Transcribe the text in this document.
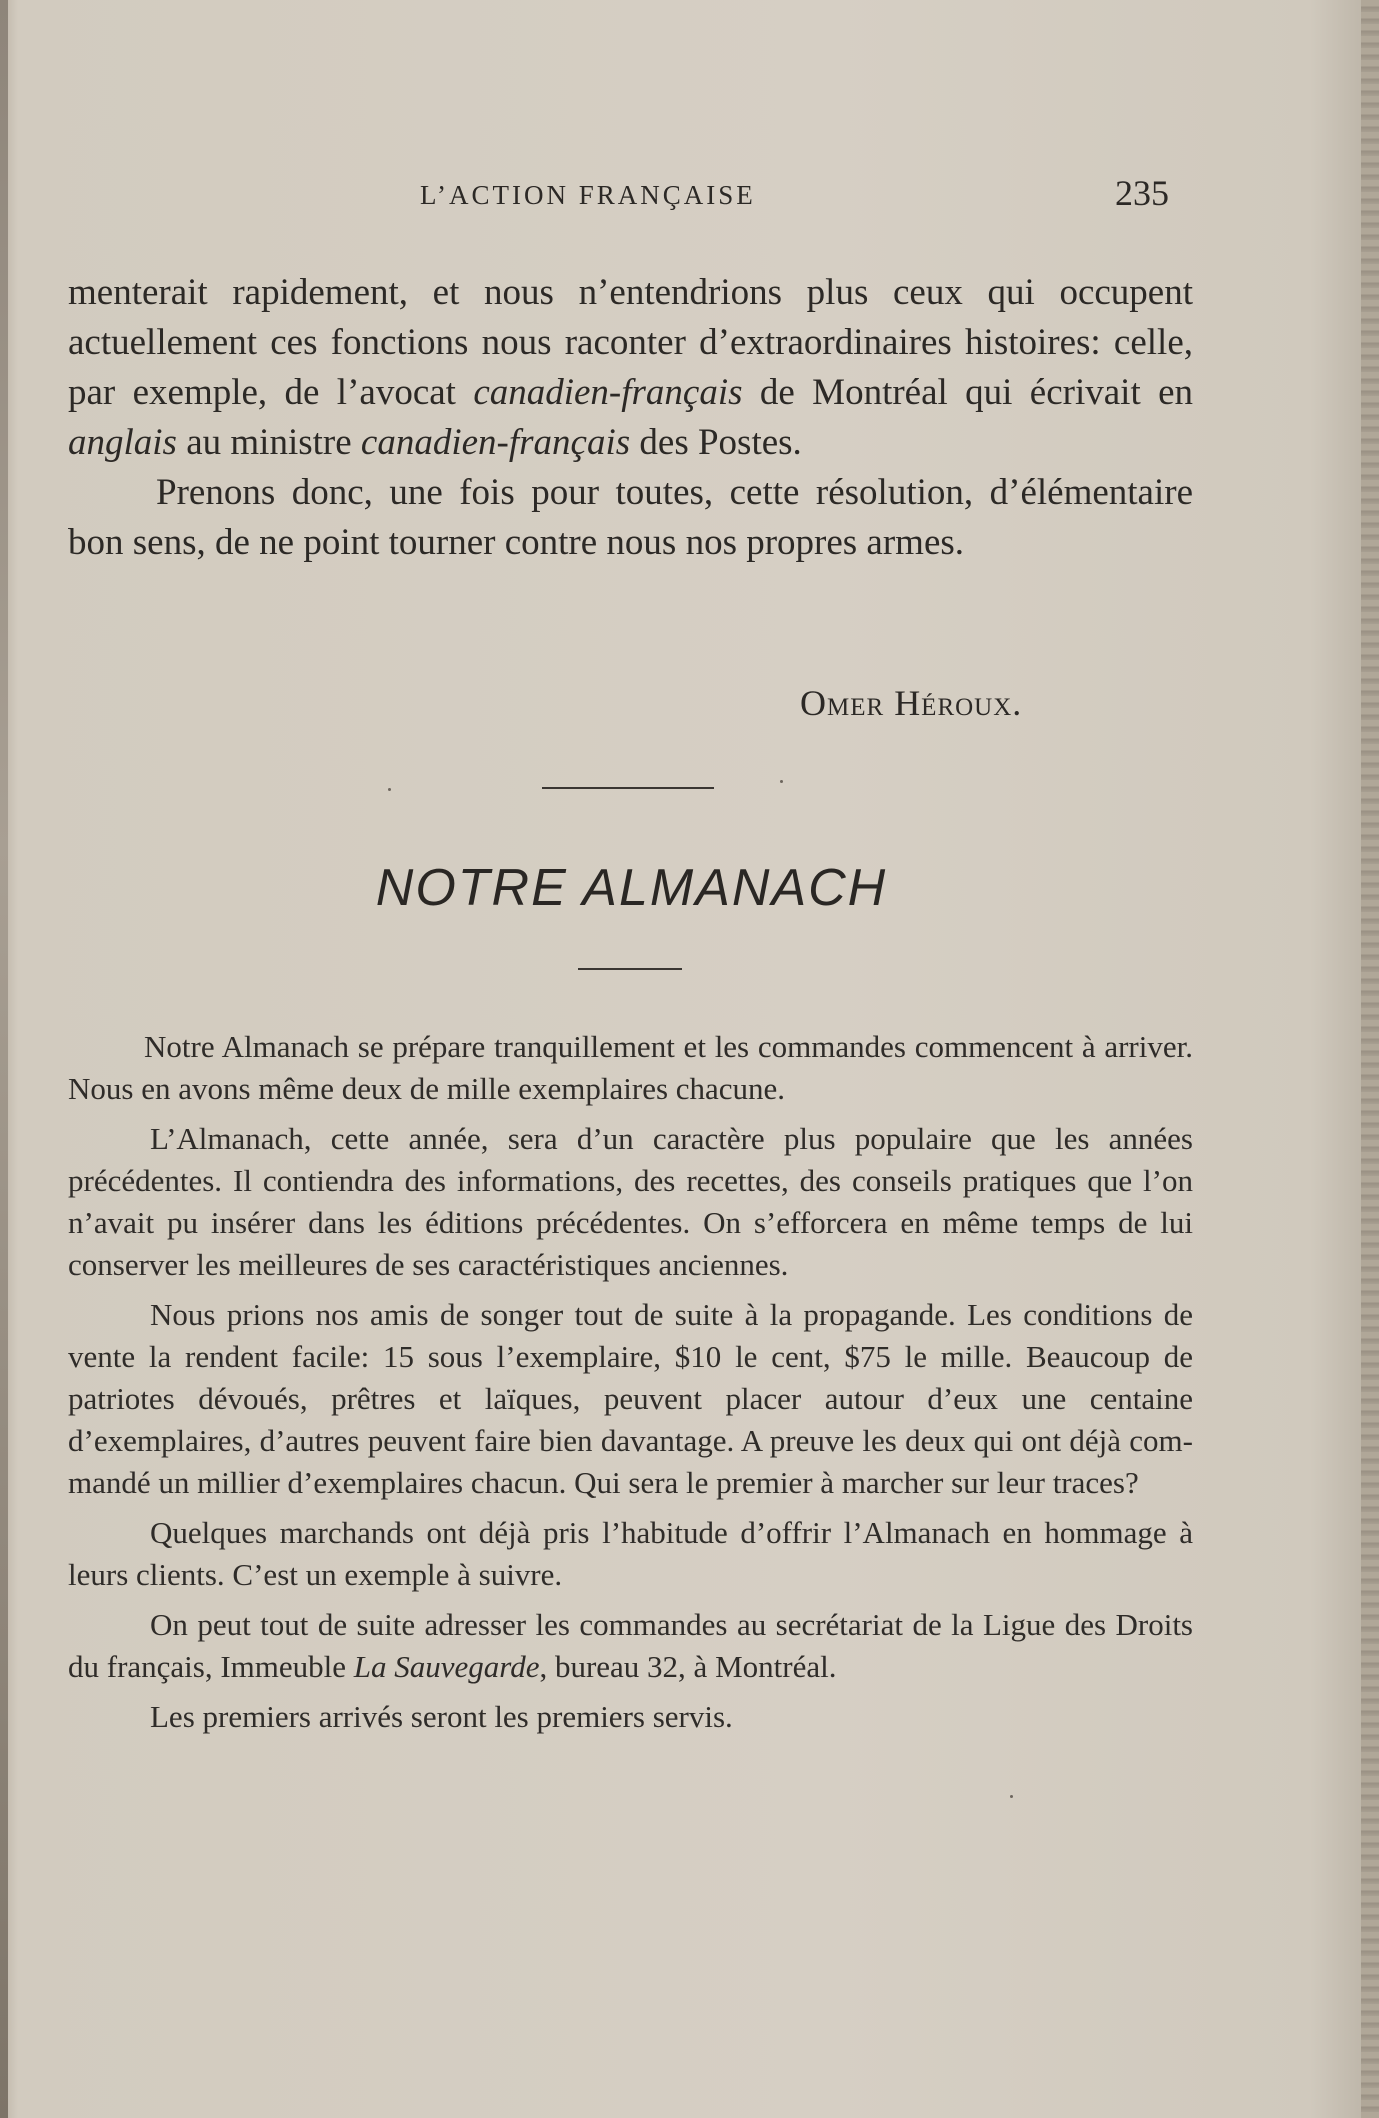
L’ACTION FRANÇAISE	235

menterait rapidement, et nous n’entendrions plus ceux qui occupent actuellement ces fonctions nous raconter d’extraordinaires histoires: celle, par exemple, de l’avocat canadien-français de Montréal qui écrivait en anglais au ministre canadien-français des Postes.

Prenons donc, une fois pour toutes, cette résolution, d’élémentaire bon sens, de ne point tourner contre nous nos propres armes.

Omer Héroux.
NOTRE ALMANACH

Notre Almanach se prépare tranquillement et les commandes commencent à arriver. Nous en avons même deux de mille exemplaires chacune.

L’Almanach, cette année, sera d’un caractère plus populaire que les années précédentes. Il contiendra des informations, des recettes, des conseils pratiques que l’on n’avait pu insérer dans les éditions précédentes. On s’efforcera en même temps de lui conserver les meilleures de ses caractéristiques anciennes.

Nous prions nos amis de songer tout de suite à la propagande. Les conditions de vente la rendent facile: 15 sous l’exemplaire, $10 le cent, $75 le mille. Beaucoup de patriotes dévoués, prêtres et laïques, peuvent placer autour d’eux une centaine d’exemplaires, d’autres peuvent faire bien davantage. A preuve les deux qui ont déjà commandé un millier d’exemplaires chacun. Qui sera le premier à marcher sur leur traces?

Quelques marchands ont déjà pris l’habitude d’offrir l’Almanach en hommage à leurs clients. C’est un exemple à suivre.

On peut tout de suite adresser les commandes au secrétariat de la Ligue des Droits du français, Immeuble La Sauvegarde, bureau 32, à Montréal.

Les premiers arrivés seront les premiers servis.
